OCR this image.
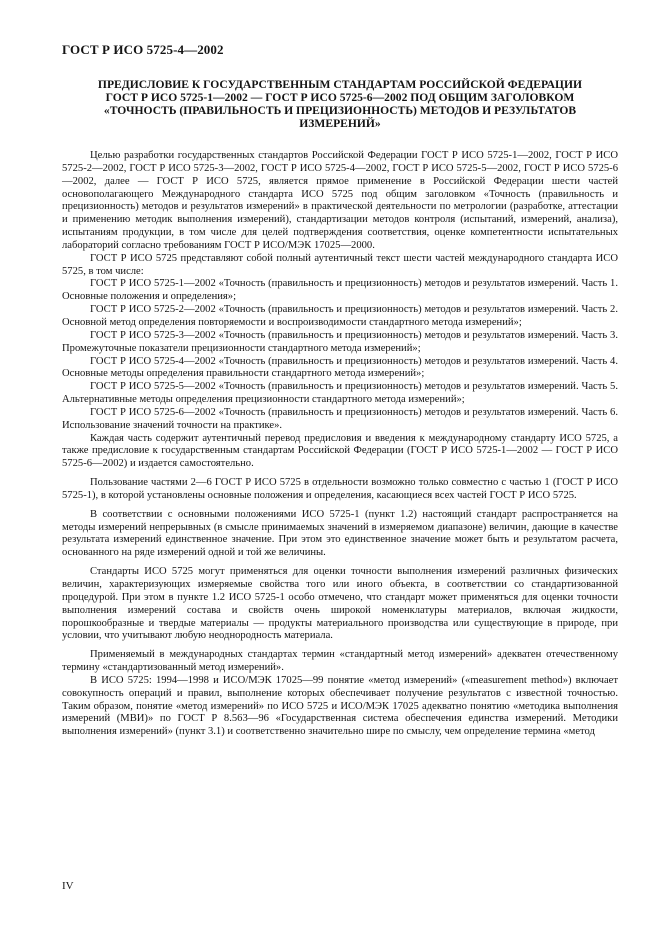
ГОСТ Р ИСО 5725-4—2002
ПРЕДИСЛОВИЕ К ГОСУДАРСТВЕННЫМ СТАНДАРТАМ РОССИЙСКОЙ ФЕДЕРАЦИИ
ГОСТ Р ИСО 5725-1—2002 — ГОСТ Р ИСО 5725-6—2002 ПОД ОБЩИМ ЗАГОЛОВКОМ
«ТОЧНОСТЬ (ПРАВИЛЬНОСТЬ И ПРЕЦИЗИОННОСТЬ) МЕТОДОВ И РЕЗУЛЬТАТОВ
ИЗМЕРЕНИЙ»

Целью разработки государственных стандартов Российской Федерации ГОСТ Р ИСО 5725-1—2002, ГОСТ Р ИСО 5725-2—2002, ГОСТ Р ИСО 5725-3—2002, ГОСТ Р ИСО 5725-4—2002, ГОСТ Р ИСО 5725-5—2002, ГОСТ Р ИСО 5725-6—2002, далее — ГОСТ Р ИСО 5725, является прямое применение в Российской Федерации шести частей основополагающего Международного стандарта ИСО 5725 под общим заголовком «Точность (правильность и прецизионность) методов и результатов измерений» в практической деятельности по метрологии (разработке, аттестации и применению методик выполнения измерений), стандартизации методов контроля (испытаний, измерений, анализа), испытаниям продукции, в том числе для целей подтверждения соответствия, оценке компетентности испытательных лабораторий согласно требованиям ГОСТ Р ИСО/МЭК 17025—2000.

ГОСТ Р ИСО 5725 представляют собой полный аутентичный текст шести частей международного стандарта ИСО 5725, в том числе:

ГОСТ Р ИСО 5725-1—2002 «Точность (правильность и прецизионность) методов и результатов измерений. Часть 1. Основные положения и определения»;

ГОСТ Р ИСО 5725-2—2002 «Точность (правильность и прецизионность) методов и результатов измерений. Часть 2. Основной метод определения повторяемости и воспроизводимости стандартного метода измерений»;

ГОСТ Р ИСО 5725-3—2002 «Точность (правильность и прецизионность) методов и результатов измерений. Часть 3. Промежуточные показатели прецизионности стандартного метода измерений»;

ГОСТ Р ИСО 5725-4—2002 «Точность (правильность и прецизионность) методов и результатов измерений. Часть 4. Основные методы определения правильности стандартного метода измерений»;

ГОСТ Р ИСО 5725-5—2002 «Точность (правильность и прецизионность) методов и результатов измерений. Часть 5. Альтернативные методы определения прецизионности стандартного метода измерений»;

ГОСТ Р ИСО 5725-6—2002 «Точность (правильность и прецизионность) методов и результатов измерений. Часть 6. Использование значений точности на практике».

Каждая часть содержит аутентичный перевод предисловия и введения к международному стандарту ИСО 5725, а также предисловие к государственным стандартам Российской Федерации (ГОСТ Р ИСО 5725-1—2002 — ГОСТ Р ИСО 5725-6—2002) и издается самостоятельно.

Пользование частями 2—6 ГОСТ Р ИСО 5725 в отдельности возможно только совместно с частью 1 (ГОСТ Р ИСО 5725-1), в которой установлены основные положения и определения, касающиеся всех частей ГОСТ Р ИСО 5725.

В соответствии с основными положениями ИСО 5725-1 (пункт 1.2) настоящий стандарт распространяется на методы измерений непрерывных (в смысле принимаемых значений в измеряемом диапазоне) величин, дающие в качестве результата измерений единственное значение. При этом это единственное значение может быть и результатом расчета, основанного на ряде измерений одной и той же величины.

Стандарты ИСО 5725 могут применяться для оценки точности выполнения измерений различных физических величин, характеризующих измеряемые свойства того или иного объекта, в соответствии со стандартизованной процедурой. При этом в пункте 1.2 ИСО 5725-1 особо отмечено, что стандарт может применяться для оценки точности выполнения измерений состава и свойств очень широкой номенклатуры материалов, включая жидкости, порошкообразные и твердые материалы — продукты материального производства или существующие в природе, при условии, что учитывают любую неоднородность материала.

Применяемый в международных стандартах термин «стандартный метод измерений» адекватен отечественному термину «стандартизованный метод измерений».

В ИСО 5725: 1994—1998 и ИСО/МЭК 17025—99 понятие «метод измерений» («measurement method») включает совокупность операций и правил, выполнение которых обеспечивает получение результатов с известной точностью. Таким образом, понятие «метод измерений» по ИСО 5725 и ИСО/МЭК 17025 адекватно понятию «методика выполнения измерений (МВИ)» по ГОСТ Р 8.563—96 «Государственная система обеспечения единства измерений. Методики выполнения измерений» (пункт 3.1) и соответственно значительно шире по смыслу, чем определение термина «метод

IV
